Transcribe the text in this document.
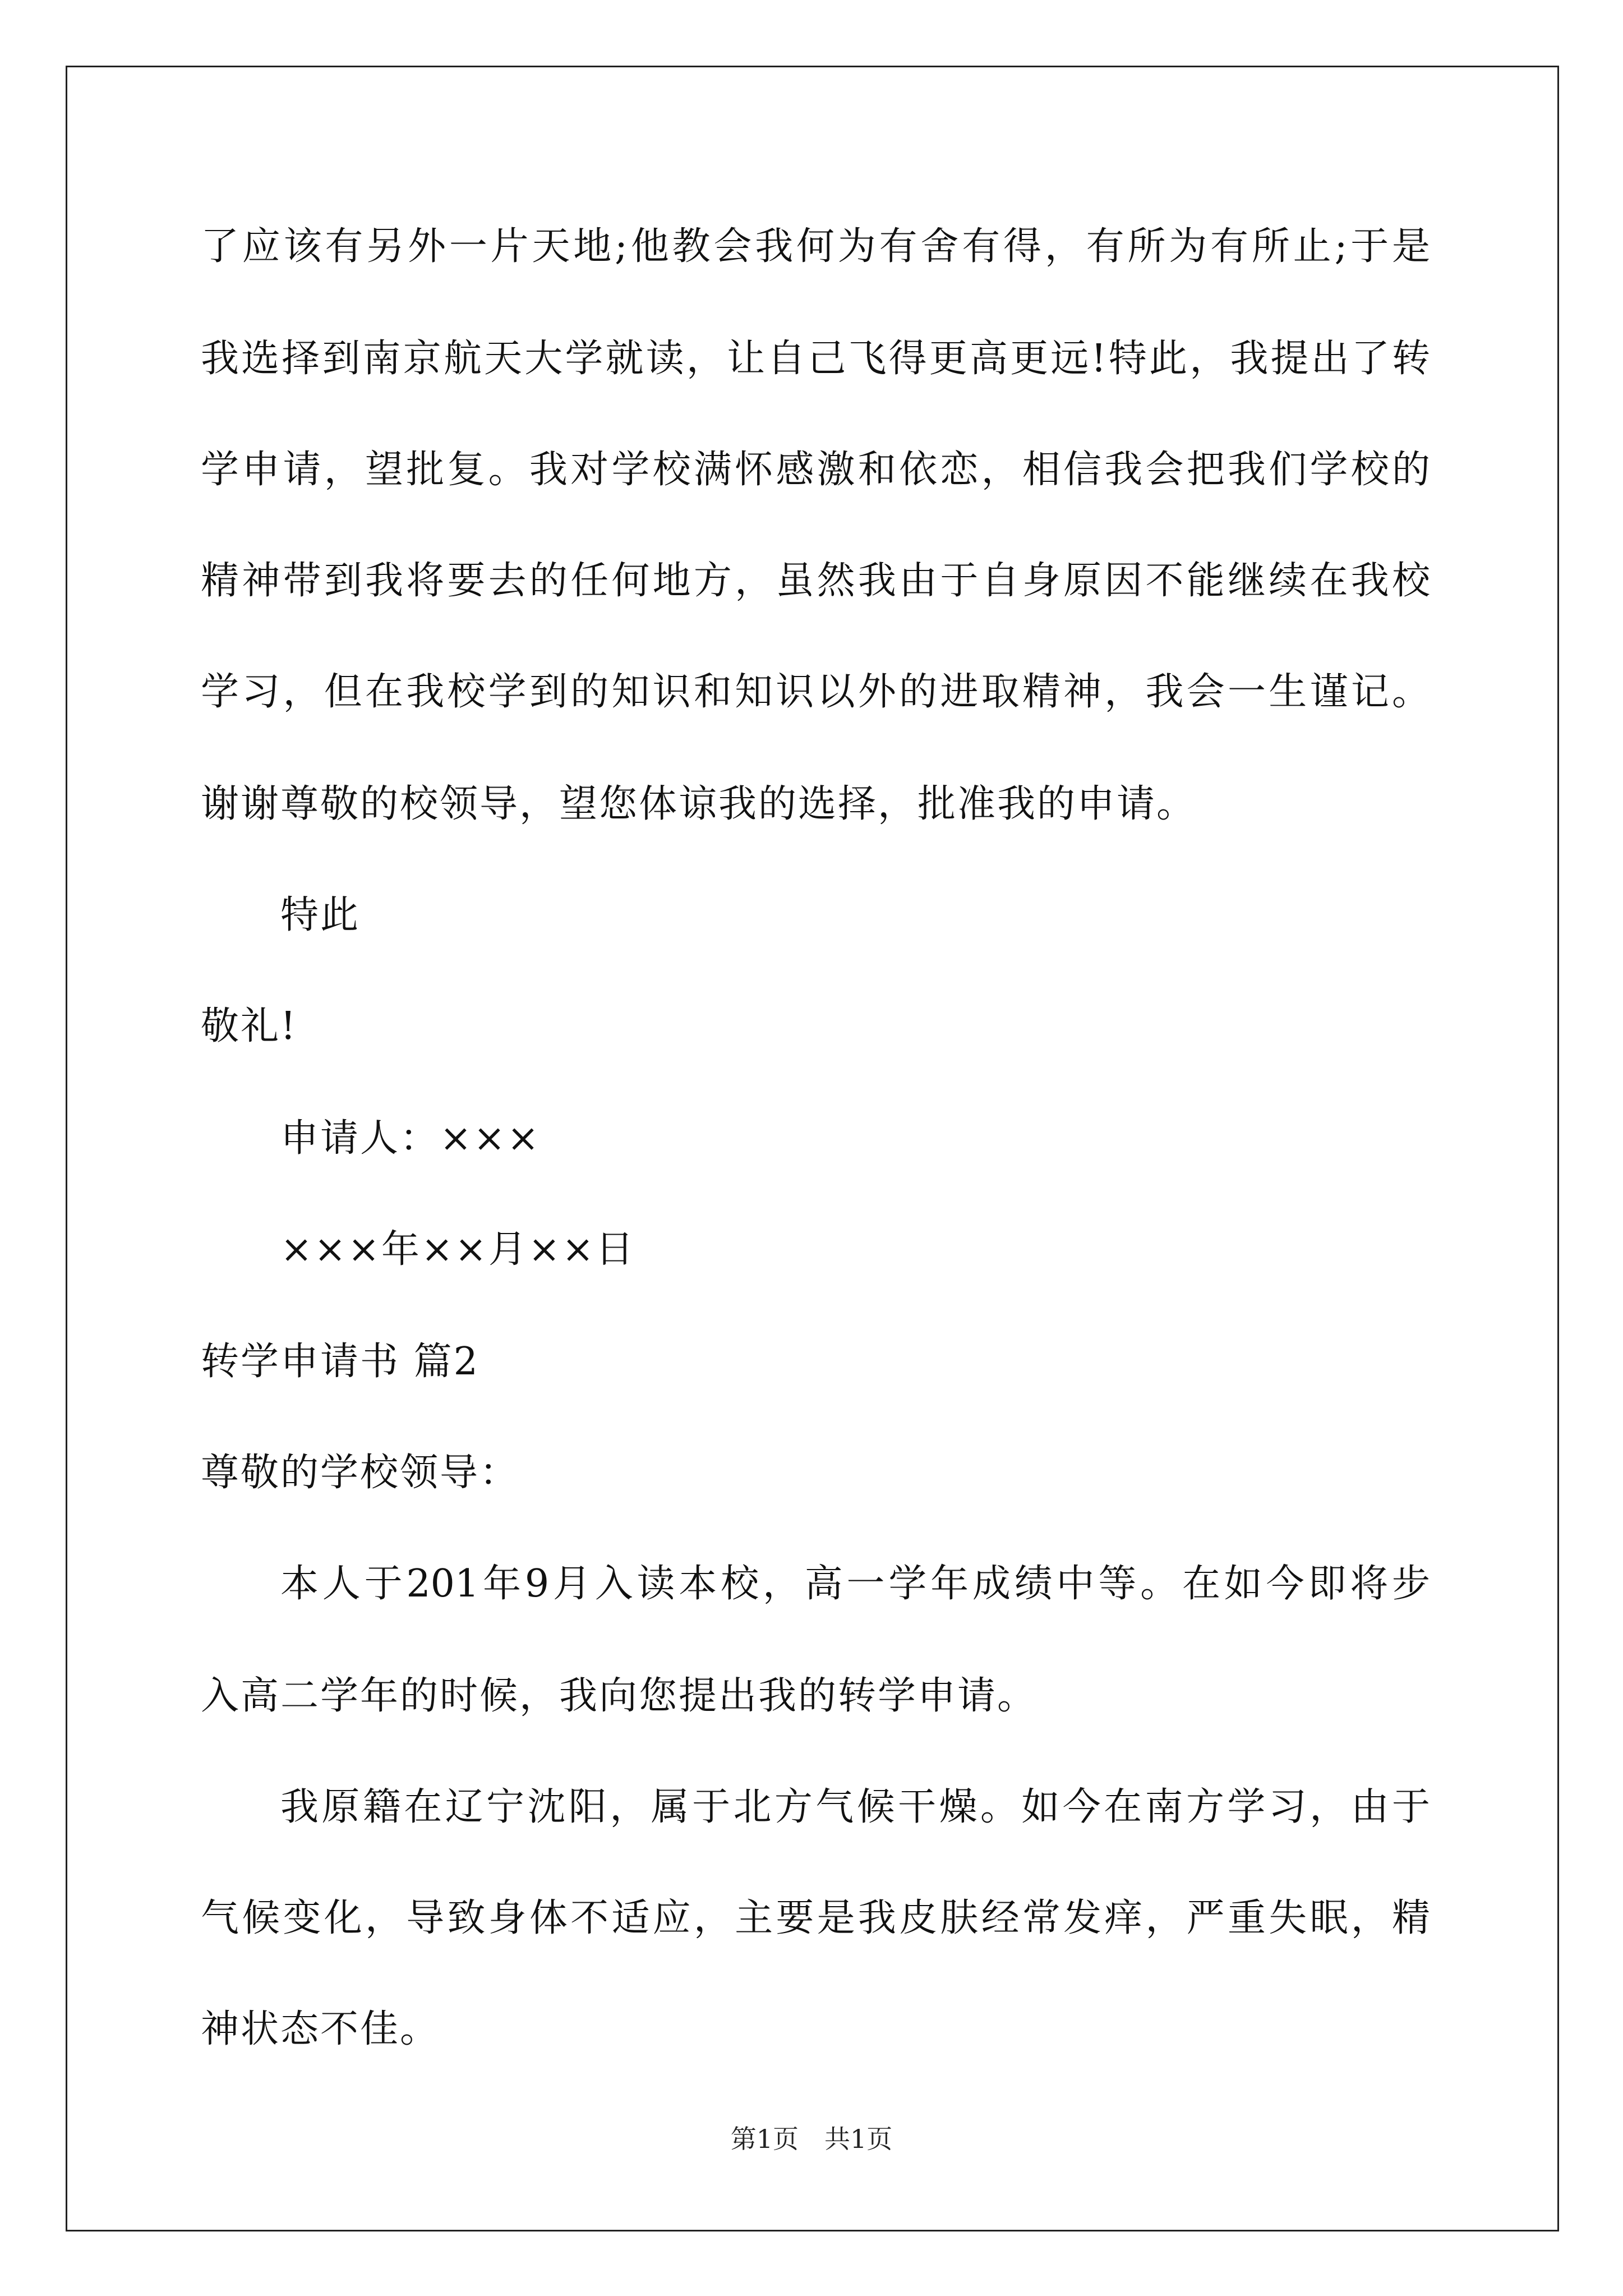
了应该有另外一片天地;他教会我何为有舍有得，有所为有所止;于是
我选择到南京航天大学就读，让自己飞得更高更远!特此，我提出了转
学申请，望批复。我对学校满怀感激和依恋，相信我会把我们学校的
精神带到我将要去的任何地方，虽然我由于自身原因不能继续在我校
学习，但在我校学到的知识和知识以外的进取精神，我会一生谨记。
谢谢尊敬的校领导，望您体谅我的选择，批准我的申请。
特此
敬礼!
申请人：×××
×××年××月××日
转学申请书 篇2
尊敬的学校领导：
本人于201年9月入读本校，高一学年成绩中等。在如今即将步
入高二学年的时候，我向您提出我的转学申请。
我原籍在辽宁沈阳，属于北方气候干燥。如今在南方学习，由于
气候变化，导致身体不适应，主要是我皮肤经常发痒，严重失眠，精
神状态不佳。
第1页　共1页
